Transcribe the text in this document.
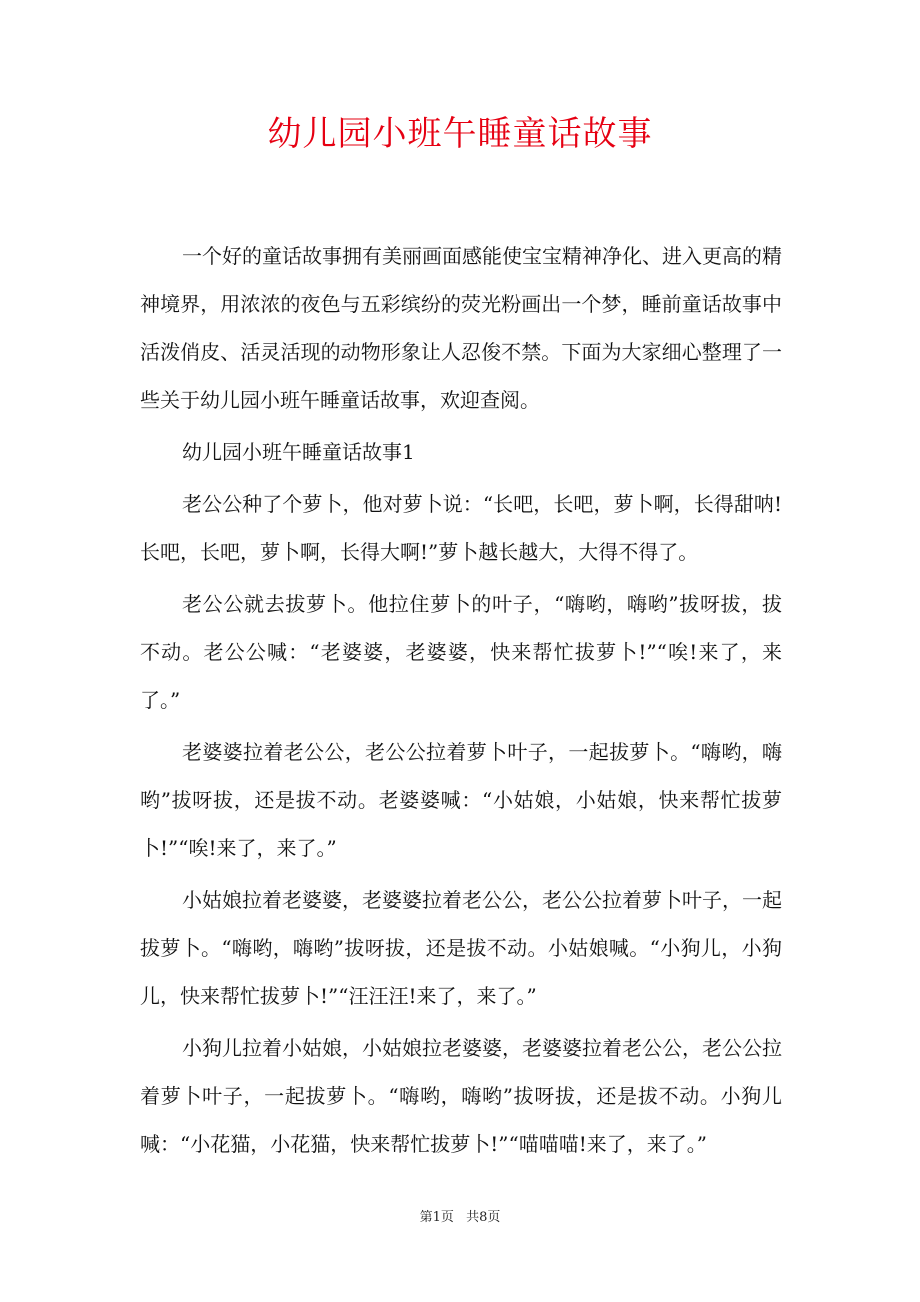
幼儿园小班午睡童话故事

一个好的童话故事拥有美丽画面感能使宝宝精神净化、进入更高的精神境界，用浓浓的夜色与五彩缤纷的荧光粉画出一个梦，睡前童话故事中活泼俏皮、活灵活现的动物形象让人忍俊不禁。下面为大家细心整理了一些关于幼儿园小班午睡童话故事，欢迎查阅。

幼儿园小班午睡童话故事1

老公公种了个萝卜，他对萝卜说：“长吧，长吧，萝卜啊，长得甜呐!长吧，长吧，萝卜啊，长得大啊!”萝卜越长越大，大得不得了。

老公公就去拔萝卜。他拉住萝卜的叶子，“嗨哟，嗨哟”拔呀拔，拔不动。老公公喊：“老婆婆，老婆婆，快来帮忙拔萝卜!”“唉!来了，来了。”

老婆婆拉着老公公，老公公拉着萝卜叶子，一起拔萝卜。“嗨哟，嗨哟”拔呀拔，还是拔不动。老婆婆喊：“小姑娘，小姑娘，快来帮忙拔萝卜!”“唉!来了，来了。”

小姑娘拉着老婆婆，老婆婆拉着老公公，老公公拉着萝卜叶子，一起拔萝卜。“嗨哟，嗨哟”拔呀拔，还是拔不动。小姑娘喊。“小狗儿，小狗儿，快来帮忙拔萝卜!”“汪汪汪!来了，来了。”

小狗儿拉着小姑娘，小姑娘拉老婆婆，老婆婆拉着老公公，老公公拉着萝卜叶子，一起拔萝卜。“嗨哟，嗨哟”拔呀拔，还是拔不动。小狗儿喊：“小花猫，小花猫，快来帮忙拔萝卜!”“喵喵喵!来了，来了。”

第1页 共8页
